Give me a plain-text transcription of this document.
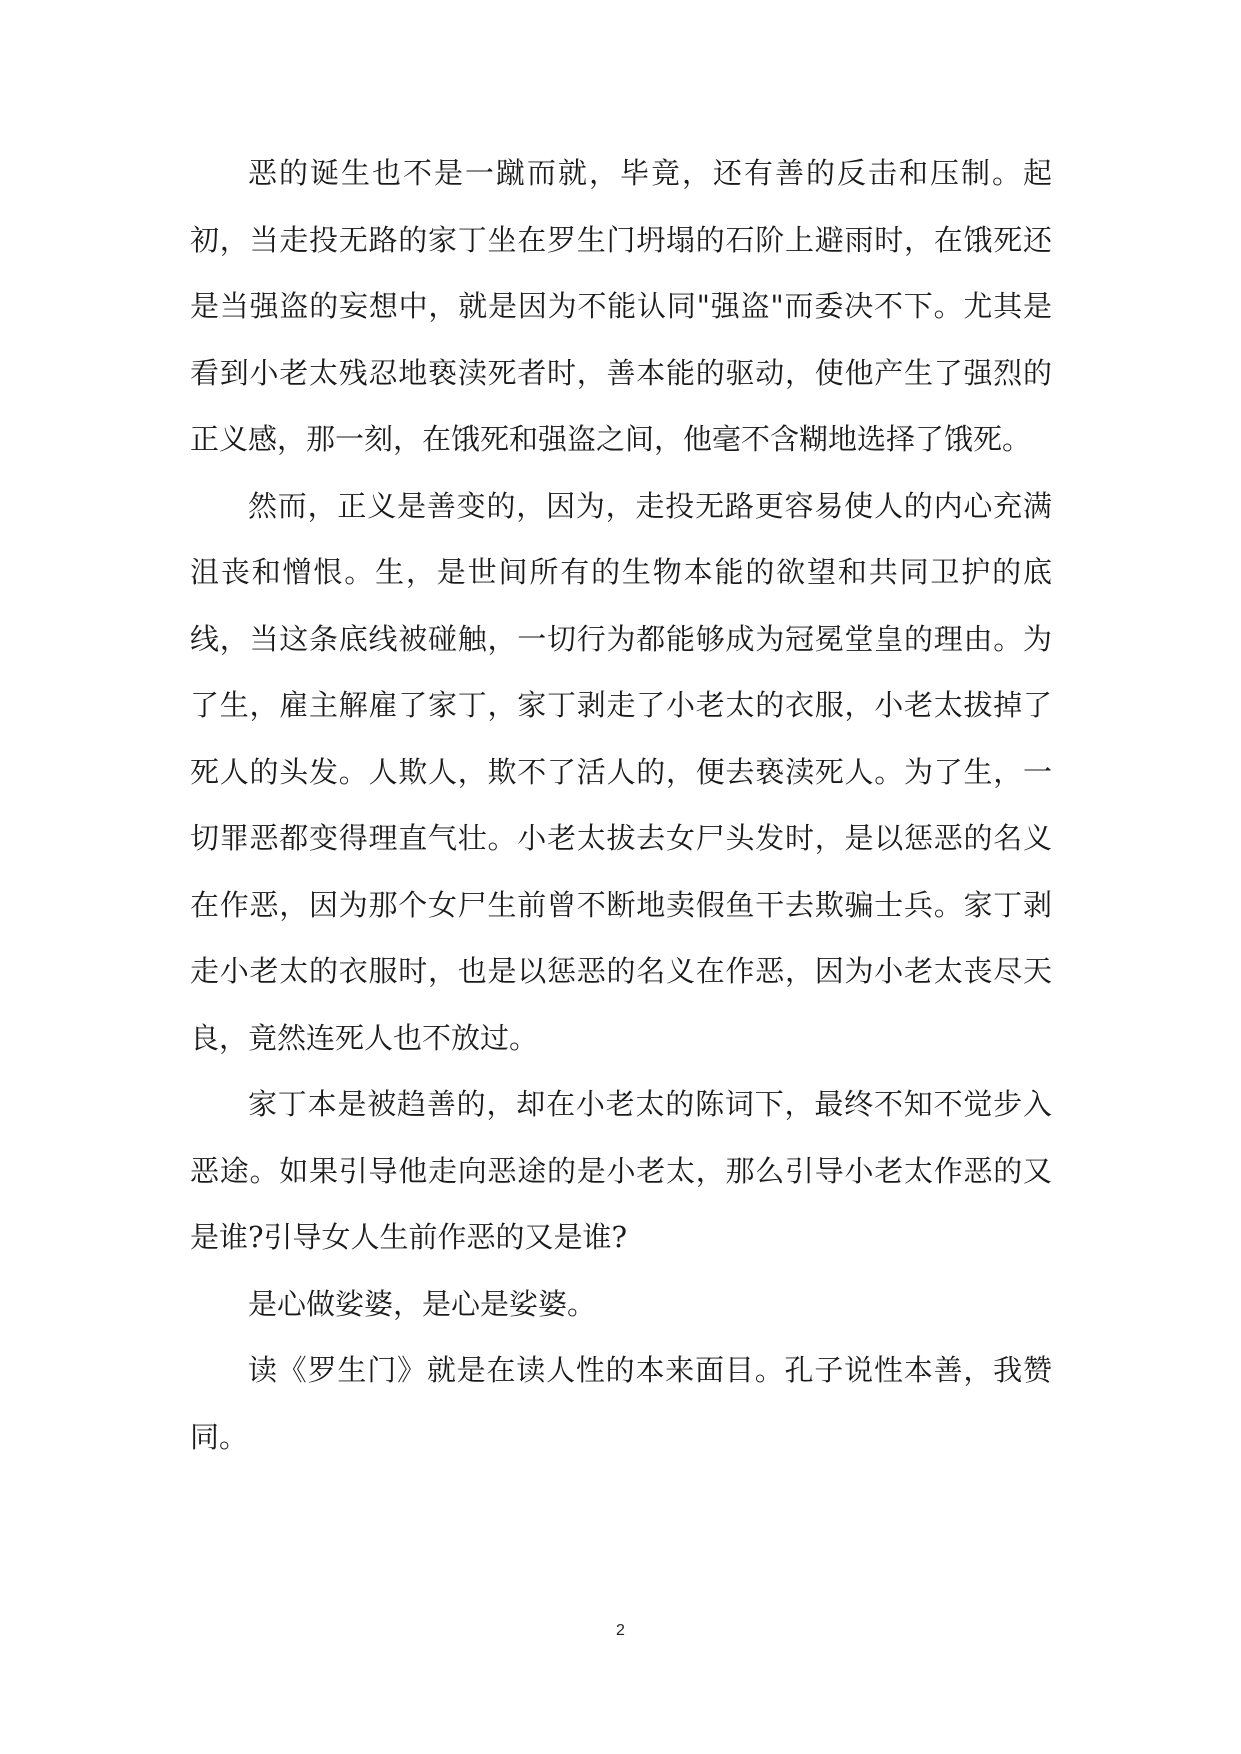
恶的诞生也不是一蹴而就，毕竟，还有善的反击和压制。起初，当走投无路的家丁坐在罗生门坍塌的石阶上避雨时，在饿死还是当强盗的妄想中，就是因为不能认同"强盗"而委决不下。尤其是看到小老太残忍地亵渎死者时，善本能的驱动，使他产生了强烈的正义感，那一刻，在饿死和强盗之间，他毫不含糊地选择了饿死。

然而，正义是善变的，因为，走投无路更容易使人的内心充满沮丧和憎恨。生，是世间所有的生物本能的欲望和共同卫护的底线，当这条底线被碰触，一切行为都能够成为冠冕堂皇的理由。为了生，雇主解雇了家丁，家丁剥走了小老太的衣服，小老太拔掉了死人的头发。人欺人，欺不了活人的，便去亵渎死人。为了生，一切罪恶都变得理直气壮。小老太拔去女尸头发时，是以惩恶的名义在作恶，因为那个女尸生前曾不断地卖假鱼干去欺骗士兵。家丁剥走小老太的衣服时，也是以惩恶的名义在作恶，因为小老太丧尽天良，竟然连死人也不放过。

家丁本是被趋善的，却在小老太的陈词下，最终不知不觉步入恶途。如果引导他走向恶途的是小老太，那么引导小老太作恶的又是谁?引导女人生前作恶的又是谁?

是心做娑婆，是心是娑婆。

读《罗生门》就是在读人性的本来面目。孔子说性本善，我赞同。

2
